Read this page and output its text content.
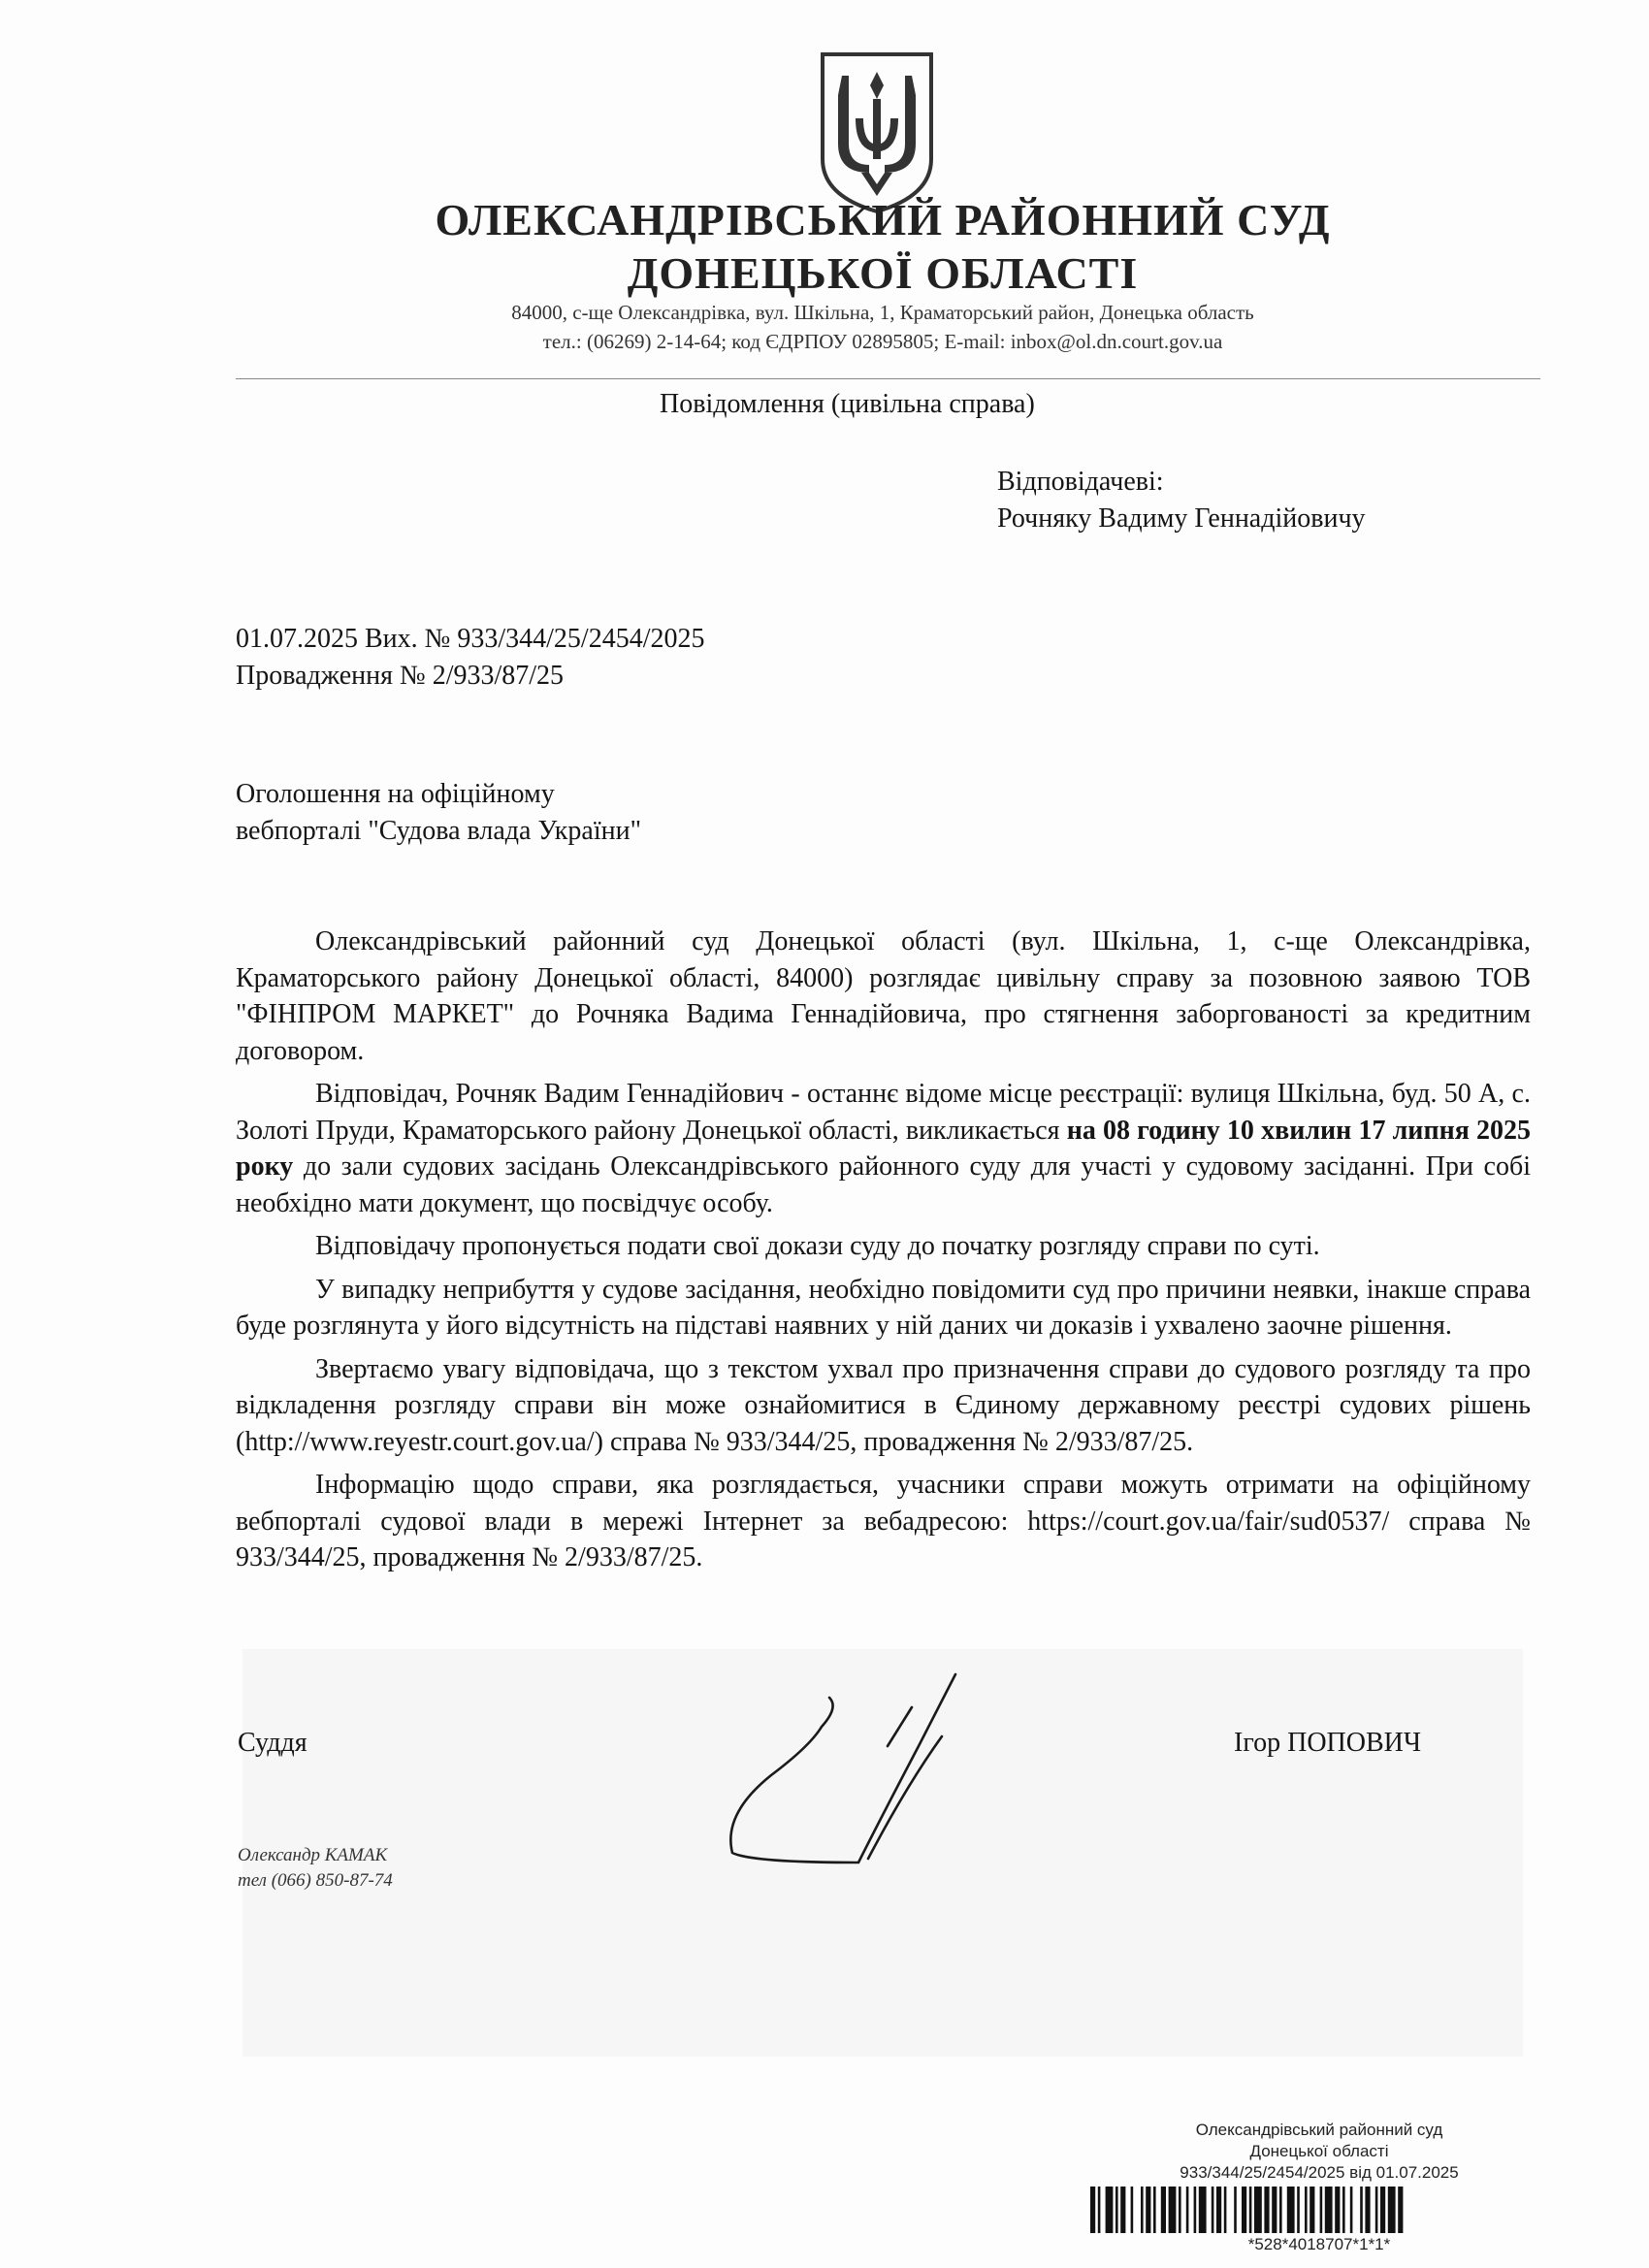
ОЛЕКСАНДРІВСЬКИЙ РАЙОННИЙ СУД
ДОНЕЦЬКОЇ ОБЛАСТІ
84000, с-ще Олександрівка, вул. Шкільна, 1, Краматорський район, Донецька область
тел.: (06269) 2-14-64; код ЄДРПОУ 02895805; E-mail: inbox@ol.dn.court.gov.ua
Повідомлення (цивільна справа)
Відповідачеві:
Рочняку Вадиму Геннадійовичу
01.07.2025 Вих. № 933/344/25/2454/2025
Провадження № 2/933/87/25
Оголошення на офіційному
вебпорталі "Судова влада України"

Олександрівський районний суд Донецької області (вул. Шкільна, 1, с-ще Олександрівка, Краматорського району Донецької області, 84000) розглядає цивільну справу за позовною заявою ТОВ "ФІНПРОМ МАРКЕТ" до Рочняка Вадима Геннадійовича, про стягнення заборгованості за кредитним договором.

Відповідач, Рочняк Вадим Геннадійович - останнє відоме місце реєстрації: вулиця Шкільна, буд. 50 А, с. Золоті Пруди, Краматорського району Донецької області, викликається на 08 годину 10 хвилин 17 липня 2025 року до зали судових засідань Олександрівського районного суду для участі у судовому засіданні. При собі необхідно мати документ, що посвідчує особу.

Відповідачу пропонується подати свої докази суду до початку розгляду справи по суті.

У випадку неприбуття у судове засідання, необхідно повідомити суд про причини неявки, інакше справа буде розглянута у його відсутність на підставі наявних у ній даних чи доказів і ухвалено заочне рішення.

Звертаємо увагу відповідача, що з текстом ухвал про призначення справи до судового розгляду та про відкладення розгляду справи він може ознайомитися в Єдиному державному реєстрі судових рішень (http://www.reyestr.court.gov.ua/) справа № 933/344/25, провадження № 2/933/87/25.

Інформацію щодо справи, яка розглядається, учасники справи можуть отримати на офіційному вебпорталі судової влади в мережі Інтернет за вебадресою: https://court.gov.ua/fair/sud0537/ справа № 933/344/25, провадження № 2/933/87/25.

Суддя	Ігор ПОПОВИЧ
Олександр КАМАК
тел (066) 850-87-74
Олександрівський районний суд
Донецької області
933/344/25/2454/2025 від 01.07.2025
*528*4018707*1*1*
